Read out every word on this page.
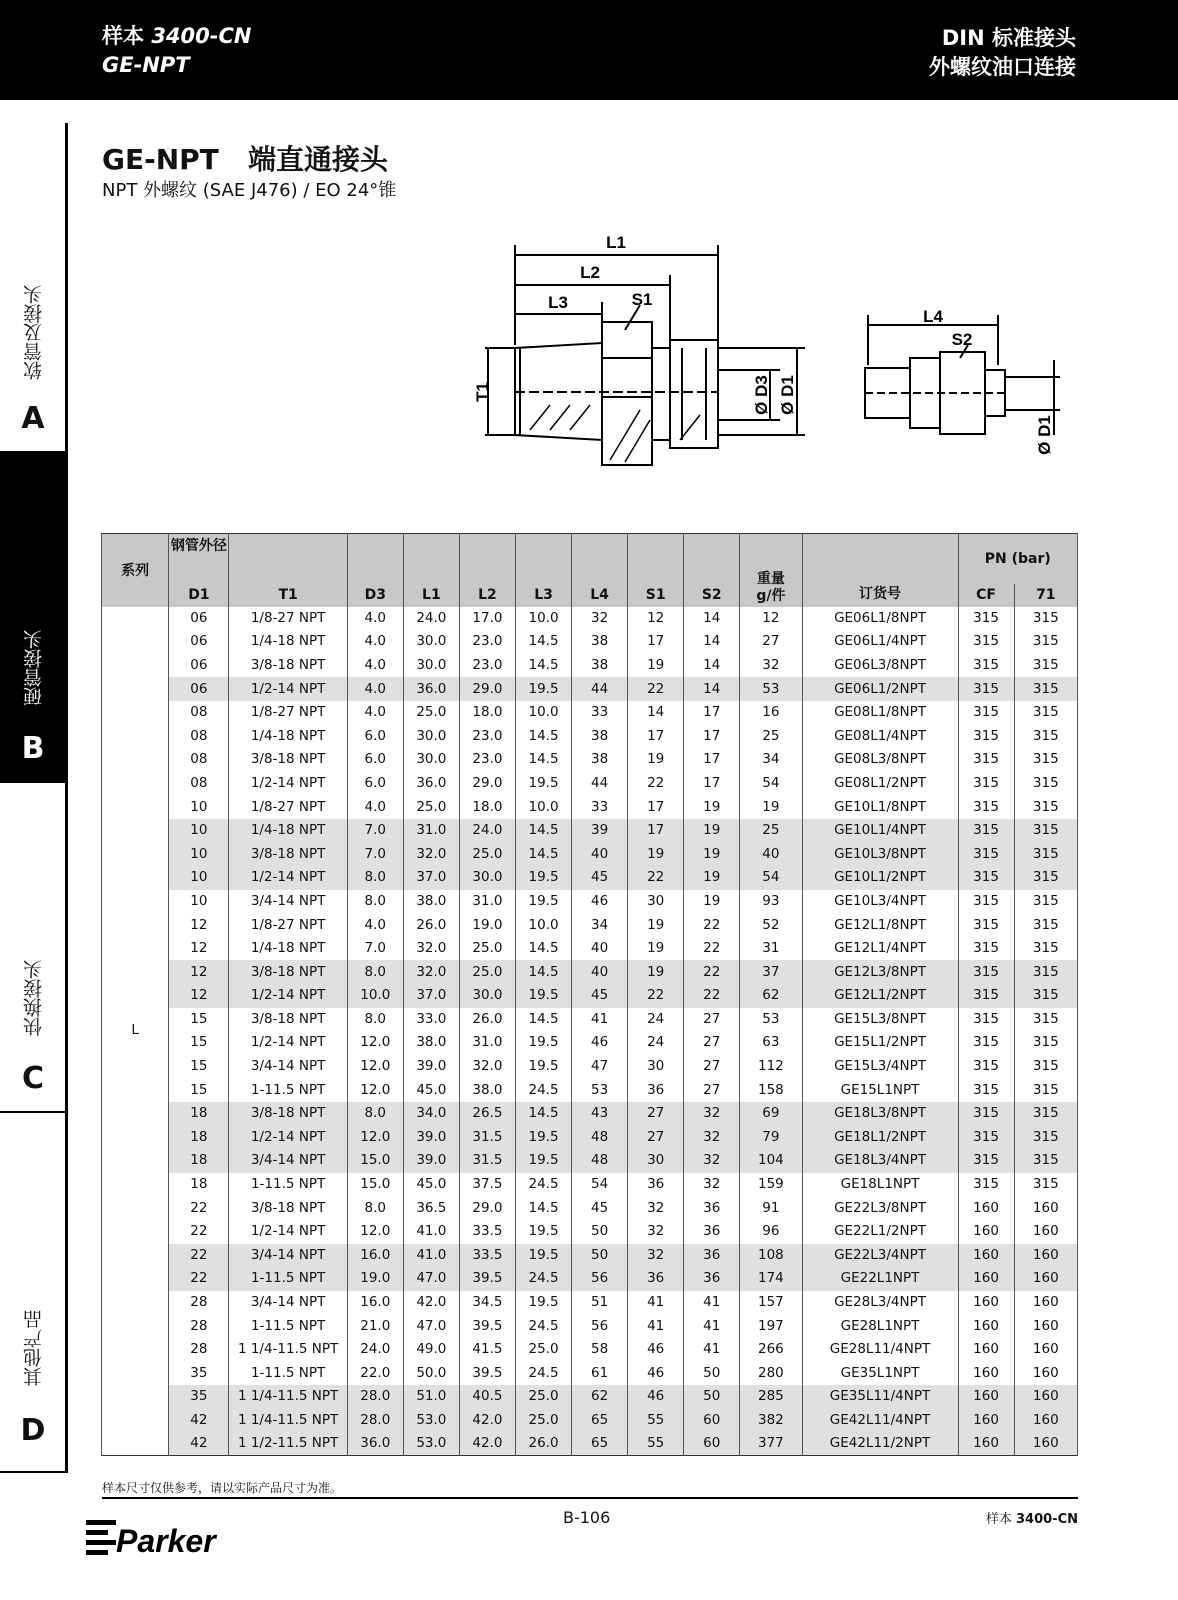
样本 3400-CN
GE-NPT
DIN 标准接头
外螺纹油口连接
软管及接头
A
硬管接头
B
快换接头
C
其他产品
D
GE-NPT   端直通接头
NPT 外螺纹 (SAE J476) / EO 24°锥
L1
L2
L3	S1
T1	Ø D3 Ø D1
L4
S2
Ø D1
系列	钢管外径	T1	D3	L1	L2	L3	L4	S1	S2	重量g/件	订货号	PN (bar)	
	D1											CF	71
L	06	1/8-27 NPT	4.0	24.0	17.0	10.0	32	12	14	12	GE06L1/8NPT	315	315
	06	1/4-18 NPT	4.0	30.0	23.0	14.5	38	17	14	27	GE06L1/4NPT	315	315
	06	3/8-18 NPT	4.0	30.0	23.0	14.5	38	19	14	32	GE06L3/8NPT	315	315
	06	1/2-14 NPT	4.0	36.0	29.0	19.5	44	22	14	53	GE06L1/2NPT	315	315
	08	1/8-27 NPT	4.0	25.0	18.0	10.0	33	14	17	16	GE08L1/8NPT	315	315
	08	1/4-18 NPT	6.0	30.0	23.0	14.5	38	17	17	25	GE08L1/4NPT	315	315
	08	3/8-18 NPT	6.0	30.0	23.0	14.5	38	19	17	34	GE08L3/8NPT	315	315
	08	1/2-14 NPT	6.0	36.0	29.0	19.5	44	22	17	54	GE08L1/2NPT	315	315
	10	1/8-27 NPT	4.0	25.0	18.0	10.0	33	17	19	19	GE10L1/8NPT	315	315
	10	1/4-18 NPT	7.0	31.0	24.0	14.5	39	17	19	25	GE10L1/4NPT	315	315
	10	3/8-18 NPT	7.0	32.0	25.0	14.5	40	19	19	40	GE10L3/8NPT	315	315
	10	1/2-14 NPT	8.0	37.0	30.0	19.5	45	22	19	54	GE10L1/2NPT	315	315
	10	3/4-14 NPT	8.0	38.0	31.0	19.5	46	30	19	93	GE10L3/4NPT	315	315
	12	1/8-27 NPT	4.0	26.0	19.0	10.0	34	19	22	52	GE12L1/8NPT	315	315
	12	1/4-18 NPT	7.0	32.0	25.0	14.5	40	19	22	31	GE12L1/4NPT	315	315
	12	3/8-18 NPT	8.0	32.0	25.0	14.5	40	19	22	37	GE12L3/8NPT	315	315
	12	1/2-14 NPT	10.0	37.0	30.0	19.5	45	22	22	62	GE12L1/2NPT	315	315
	15	3/8-18 NPT	8.0	33.0	26.0	14.5	41	24	27	53	GE15L3/8NPT	315	315
	15	1/2-14 NPT	12.0	38.0	31.0	19.5	46	24	27	63	GE15L1/2NPT	315	315
	15	3/4-14 NPT	12.0	39.0	32.0	19.5	47	30	27	112	GE15L3/4NPT	315	315
	15	1-11.5 NPT	12.0	45.0	38.0	24.5	53	36	27	158	GE15L1NPT	315	315
	18	3/8-18 NPT	8.0	34.0	26.5	14.5	43	27	32	69	GE18L3/8NPT	315	315
	18	1/2-14 NPT	12.0	39.0	31.5	19.5	48	27	32	79	GE18L1/2NPT	315	315
	18	3/4-14 NPT	15.0	39.0	31.5	19.5	48	30	32	104	GE18L3/4NPT	315	315
	18	1-11.5 NPT	15.0	45.0	37.5	24.5	54	36	32	159	GE18L1NPT	315	315
	22	3/8-18 NPT	8.0	36.5	29.0	14.5	45	32	36	91	GE22L3/8NPT	160	160
	22	1/2-14 NPT	12.0	41.0	33.5	19.5	50	32	36	96	GE22L1/2NPT	160	160
	22	3/4-14 NPT	16.0	41.0	33.5	19.5	50	32	36	108	GE22L3/4NPT	160	160
	22	1-11.5 NPT	19.0	47.0	39.5	24.5	56	36	36	174	GE22L1NPT	160	160
	28	3/4-14 NPT	16.0	42.0	34.5	19.5	51	41	41	157	GE28L3/4NPT	160	160
	28	1-11.5 NPT	21.0	47.0	39.5	24.5	56	41	41	197	GE28L1NPT	160	160
	28	1 1/4-11.5 NPT	24.0	49.0	41.5	25.0	58	46	41	266	GE28L11/4NPT	160	160
	35	1-11.5 NPT	22.0	50.0	39.5	24.5	61	46	50	280	GE35L1NPT	160	160
	35	1 1/4-11.5 NPT	28.0	51.0	40.5	25.0	62	46	50	285	GE35L11/4NPT	160	160
	42	1 1/4-11.5 NPT	28.0	53.0	42.0	25.0	65	55	60	382	GE42L11/4NPT	160	160
	42	1 1/2-11.5 NPT	36.0	53.0	42.0	26.0	65	55	60	377	GE42L11/2NPT	160	160
样本尺寸仅供参考，请以实际产品尺寸为准。
Parker
B-106	样本 3400-CN
